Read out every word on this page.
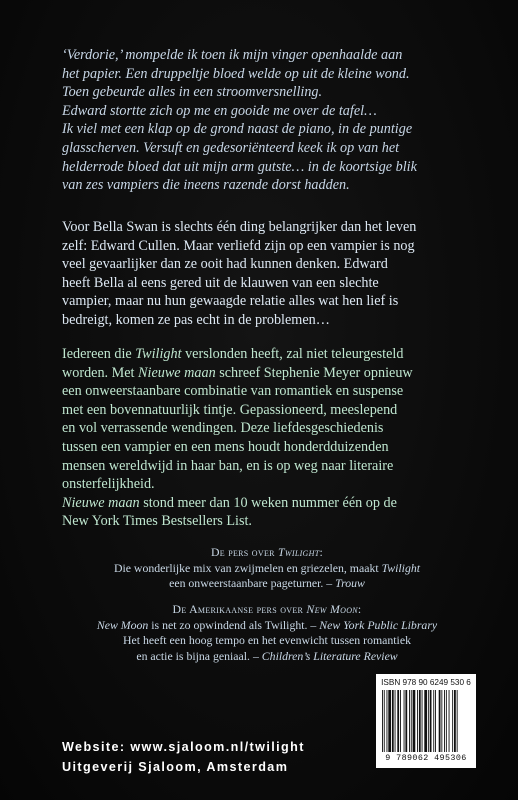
‘Verdorie,’ mompelde ik toen ik mijn vinger openhaalde aan
het papier. Een druppeltje bloed welde op uit de kleine wond.
Toen gebeurde alles in een stroomversnelling.
Edward stortte zich op me en gooide me over de tafel…
Ik viel met een klap op de grond naast de piano, in de puntige
glasscherven. Versuft en gedesoriënteerd keek ik op van het
helderrode bloed dat uit mijn arm gutste… in de koortsige blik
van zes vampiers die ineens razende dorst hadden.
Voor Bella Swan is slechts één ding belangrijker dan het leven
zelf: Edward Cullen. Maar verliefd zijn op een vampier is nog
veel gevaarlijker dan ze ooit had kunnen denken. Edward
heeft Bella al eens gered uit de klauwen van een slechte
vampier, maar nu hun gewaagde relatie alles wat hen lief is
bedreigt, komen ze pas echt in de problemen…
Iedereen die Twilight verslonden heeft, zal niet teleurgesteld
worden. Met Nieuwe maan schreef Stephenie Meyer opnieuw
een onweerstaanbare combinatie van romantiek en suspense
met een bovennatuurlijk tintje. Gepassioneerd, meeslepend
en vol verrassende wendingen. Deze liefdesgeschiedenis
tussen een vampier en een mens houdt honderdduizenden
mensen wereldwijd in haar ban, en is op weg naar literaire
onsterfelijkheid.
Nieuwe maan stond meer dan 10 weken nummer één op de
New York Times Bestsellers List.
De pers over Twilight:
Die wonderlijke mix van zwijmelen en griezelen, maakt Twilight
een onweerstaanbare pageturner. – Trouw
De Amerikaanse pers over New Moon:
New Moon is net zo opwindend als Twilight. – New York Public Library
Het heeft een hoog tempo en het evenwicht tussen romantiek
en actie is bijna geniaal. – Children’s Literature Review
ISBN 978 90 6249 530 6
9 789062 495306
Website: www.sjaloom.nl/twilight
Uitgeverij Sjaloom, Amsterdam
